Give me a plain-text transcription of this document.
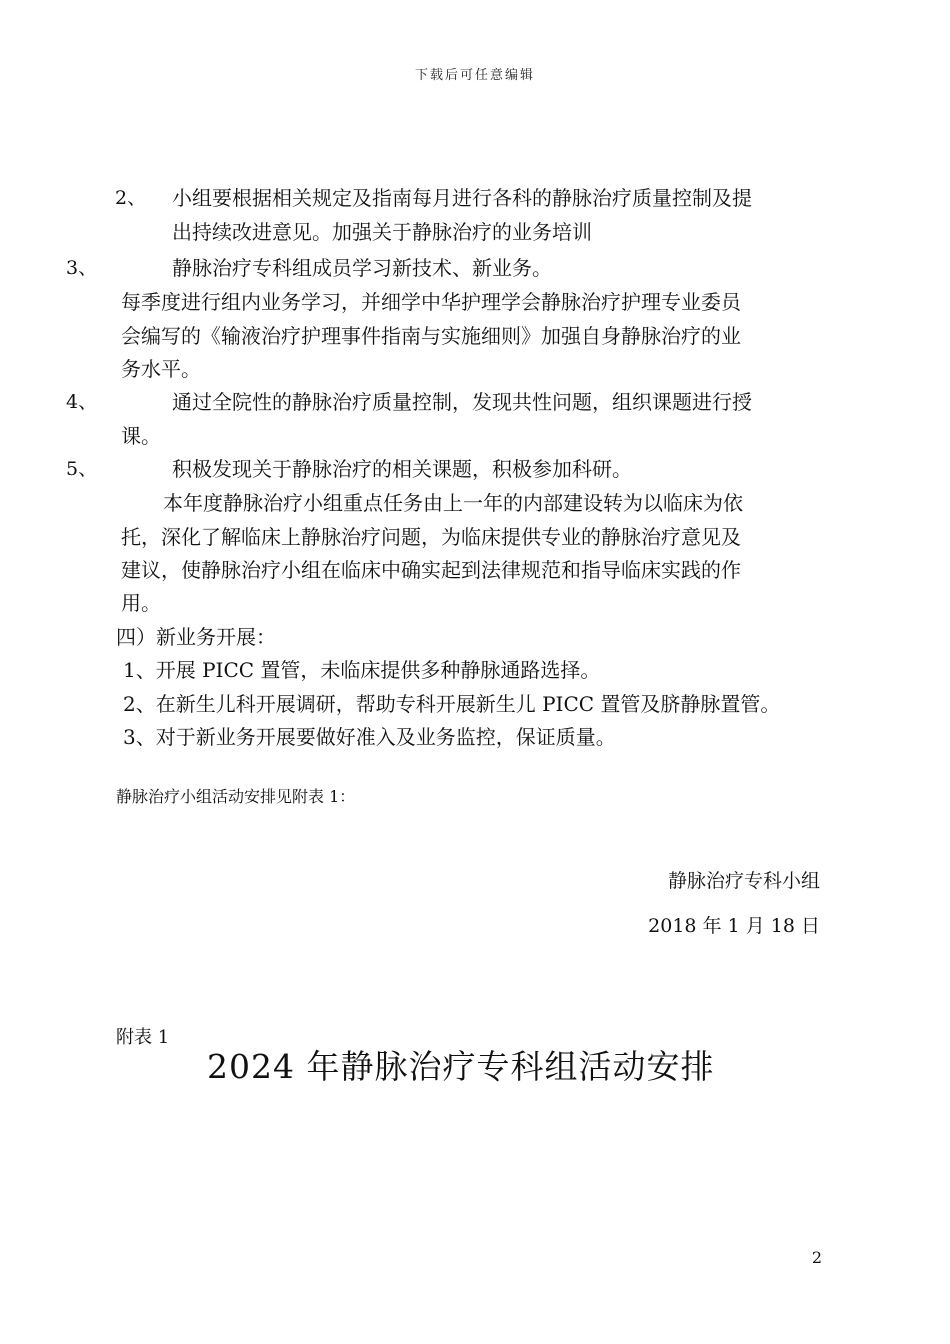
下载后可任意编辑
2、 小组要根据相关规定及指南每月进行各科的静脉治疗质量控制及提
出持续改进意见。加强关于静脉治疗的业务培训
3、	静脉治疗专科组成员学习新技术、新业务。
每季度进行组内业务学习，并细学中华护理学会静脉治疗护理专业委员
会编写的《输液治疗护理事件指南与实施细则》加强自身静脉治疗的业
务水平。
4、	通过全院性的静脉治疗质量控制，发现共性问题，组织课题进行授
课。
5、	积极发现关于静脉治疗的相关课题，积极参加科研。
本年度静脉治疗小组重点任务由上一年的内部建设转为以临床为依
托，深化了解临床上静脉治疗问题，为临床提供专业的静脉治疗意见及
建议，使静脉治疗小组在临床中确实起到法律规范和指导临床实践的作
用。
四）新业务开展：
1、开展 PICC 置管，未临床提供多种静脉通路选择。
2、在新生儿科开展调研，帮助专科开展新生儿 PICC 置管及脐静脉置管。
3、对于新业务开展要做好准入及业务监控，保证质量。
静脉治疗小组活动安排见附表 1：
静脉治疗专科小组
2018 年 1 月 18 日
附表 1
2024 年静脉治疗专科组活动安排
2
